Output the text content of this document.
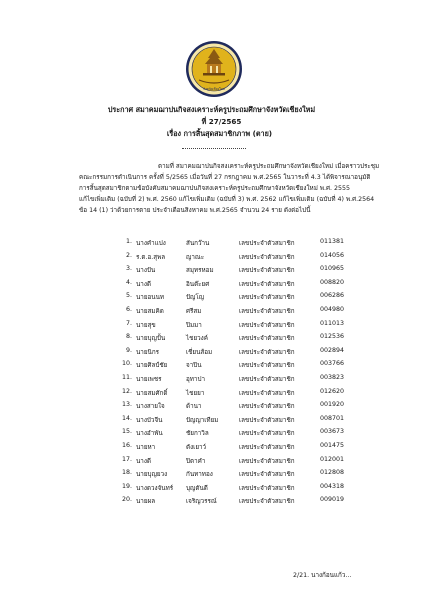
จังหวัดเชียงใหม่
ประกาศ สมาคมฌาปนกิจสงเคราะห์ครูประถมศึกษาจังหวัดเชียงใหม่
ที่ 27/2565
เรื่อง การสิ้นสุดสมาชิกภาพ (ตาย)
ตามที่ สมาคมฌาปนกิจสงเคราะห์ครูประถมศึกษาจังหวัดเชียงใหม่ เมื่อคราวประชุม
คณะกรรมการดำเนินการ ครั้งที่ 5/2565 เมื่อวันที่ 27 กรกฎาคม พ.ศ.2565 ในวาระที่ 4.3 ได้พิจารณาอนุมัติ
การสิ้นสุดสมาชิกตามข้อบังคับสมาคมฌาปนกิจสงเคราะห์ครูประถมศึกษาจังหวัดเชียงใหม่ พ.ศ. 2555
แก้ไขเพิ่มเติม (ฉบับที่ 2) พ.ศ. 2560 แก้ไขเพิ่มเติม (ฉบับที่ 3) พ.ศ. 2562 แก้ไขเพิ่มเติม (ฉบับที่ 4) พ.ศ.2564
ข้อ 14 (1) ว่าด้วยการตาย ประจำเดือนสิงหาคม พ.ศ.2565 จำนวน 24 ราย ดังต่อไปนี้
1. นางคำแปง	สันกว๊าน	เลขประจำตัวสมาชิก	011381
2. ร.ต.อ.สุพล	ญาณะ	เลขประจำตัวสมาชิก	014056
3. นางปัน	สมุทรหอม	เลขประจำตัวสมาชิก	010965
4. นางดี	อินต๊ะยศ	เลขประจำตัวสมาชิก	008820
5. นายอนนท	ปัญโญ	เลขประจำตัวสมาชิก	006286
6. นายสมคิด	ศรีสม	เลขประจำตัวสมาชิก	004980
7. นายสุข	ปิมมา	เลขประจำตัวสมาชิก	011013
8. นายบุญปั้น	ไชยวงค์	เลขประจำตัวสมาชิก	012536
9. นายนิกร	เชี่ยนส้อม	เลขประจำตัวสมาชิก	002894
10. นายศิลป์ชัย	จาปิน	เลขประจำตัวสมาชิก	003766
11. นายเพชร	อุทาปา	เลขประจำตัวสมาชิก	003823
12. นายสมศักดิ์	ไชยยา	เลขประจำตัวสมาชิก	012620
13. นางสายใจ	ด้านา	เลขประจำตัวสมาชิก	001920
14. นางบัวจีน	ปัญญาเทียม	เลขประจำตัวสมาชิก	008701
15. นางอำพัน	ชัยกาวิล	เลขประจำตัวสมาชิก	003673
16. นายหา	ตังเยาว์	เลขประจำตัวสมาชิก	001475
17. นางดี	ปิตาคำ	เลขประจำตัวสมาชิก	012001
18. นายบุญยวง	กันทาทอง	เลขประจำตัวสมาชิก	012808
19. นางดวงจันทร์ บุญตันดี	เลขประจำตัวสมาชิก	004318
20. นายผล	เจริญวรรณ์	เลขประจำตัวสมาชิก	009019
2/21. นางก้อนแก้ว...
